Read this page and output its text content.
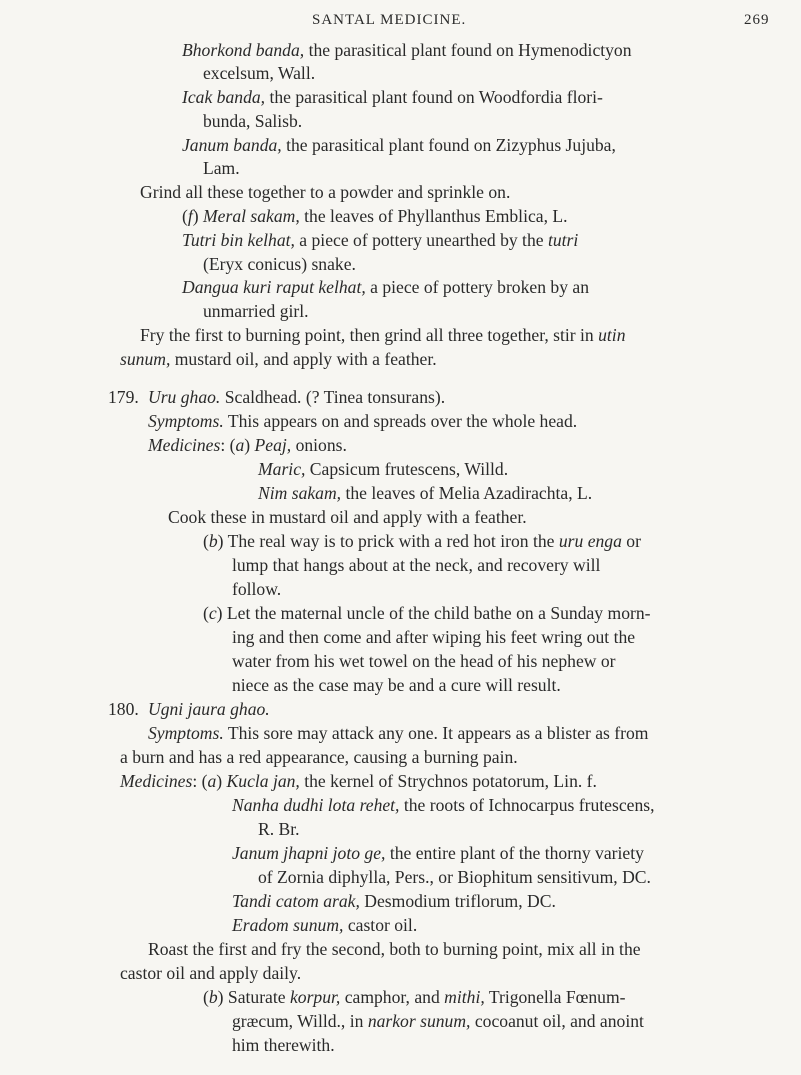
SANTAL MEDICINE.	269
Bhorkond banda, the parasitical plant found on Hymenodictyon
excelsum, Wall.
Icak banda, the parasitical plant found on Woodfordia flori-
bunda, Salisb.
Janum banda, the parasitical plant found on Zizyphus Jujuba,
Lam.
Grind all these together to a powder and sprinkle on.
(f) Meral sakam, the leaves of Phyllanthus Emblica, L.
Tutri bin kelhat, a piece of pottery unearthed by the tutri
(Eryx conicus) snake.
Dangua kuri raput kelhat, a piece of pottery broken by an
unmarried girl.
Fry the first to burning point, then grind all three together, stir in utin
sunum, mustard oil, and apply with a feather.
179. Uru ghao. Scaldhead. (? Tinea tonsurans).
Symptoms. This appears on and spreads over the whole head.
Medicines: (a) Peaj, onions.
Maric, Capsicum frutescens, Willd.
Nim sakam, the leaves of Melia Azadirachta, L.
Cook these in mustard oil and apply with a feather.
(b) The real way is to prick with a red hot iron the uru enga or
lump that hangs about at the neck, and recovery will
follow.
(c) Let the maternal uncle of the child bathe on a Sunday morn-
ing and then come and after wiping his feet wring out the
water from his wet towel on the head of his nephew or
niece as the case may be and a cure will result.
180. Ugni jaura ghao.
Symptoms. This sore may attack any one. It appears as a blister as from
a burn and has a red appearance, causing a burning pain.
Medicines: (a) Kucla jan, the kernel of Strychnos potatorum, Lin. f.
Nanha dudhi lota rehet, the roots of Ichnocarpus frutescens,
R. Br.
Janum jhapni joto ge, the entire plant of the thorny variety
of Zornia diphylla, Pers., or Biophitum sensitivum, DC.
Tandi catom arak, Desmodium triflorum, DC.
Eradom sunum, castor oil.
Roast the first and fry the second, both to burning point, mix all in the
castor oil and apply daily.
(b) Saturate korpur, camphor, and mithi, Trigonella Fœnum-
græcum, Willd., in narkor sunum, cocoanut oil, and anoint
him therewith.
